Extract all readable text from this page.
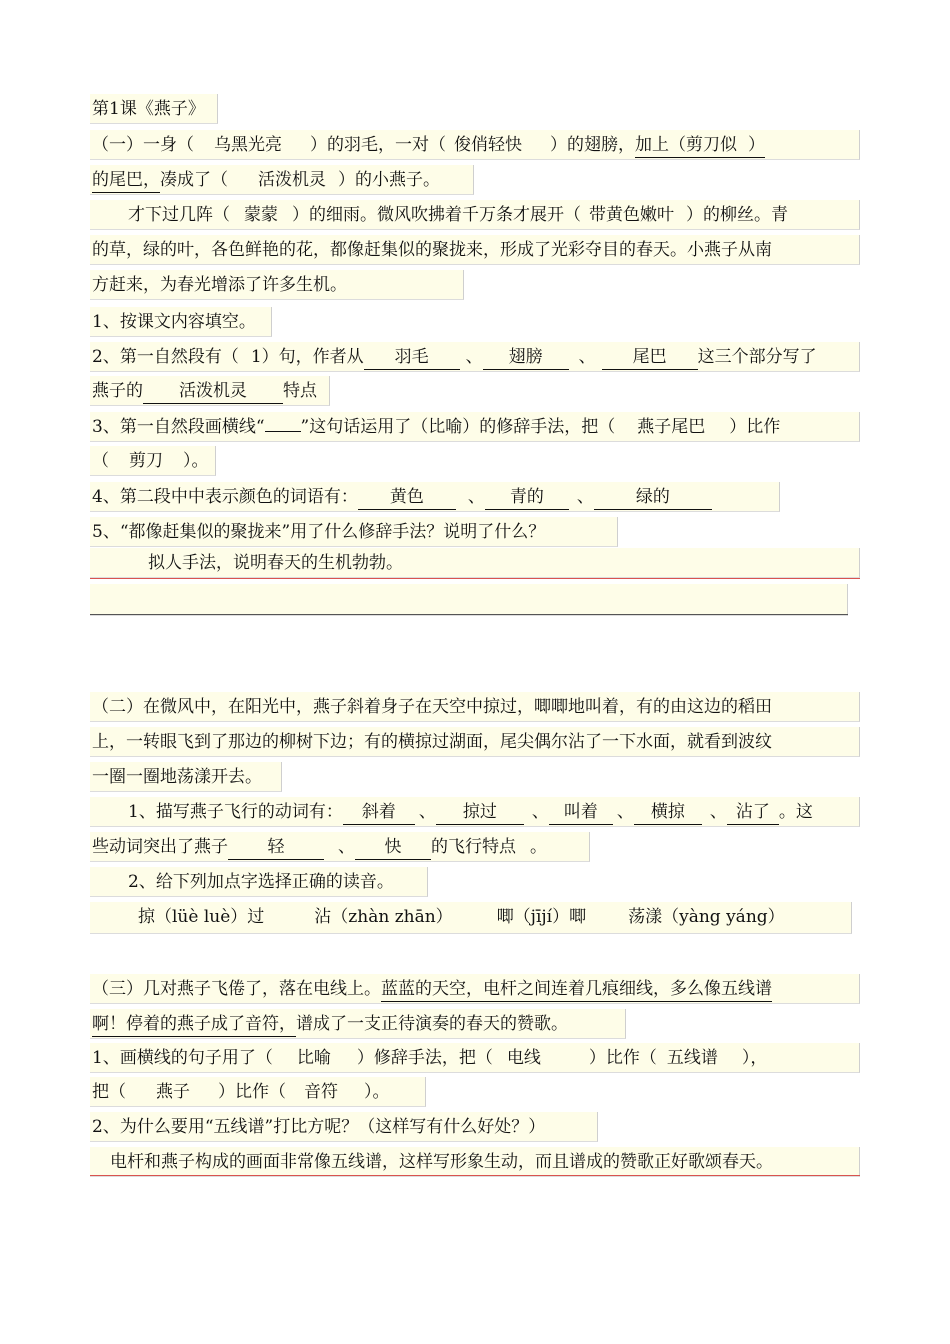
第1课《燕子》
（一）一身（ 乌黑光亮 ）的羽毛，一对（ 俊俏轻快 ）的翅膀，加上（剪刀似 ）
的尾巴，凑成了（ 活泼机灵 ）的小燕子。
才下过几阵（ 蒙蒙 ）的细雨。微风吹拂着千万条才展开（ 带黄色嫩叶 ）的柳丝。青
的草，绿的叶，各色鲜艳的花，都像赶集似的聚拢来，形成了光彩夺目的春天。小燕子从南
方赶来，为春光增添了许多生机。
1、按课文内容填空。
2、第一自然段有（ 1）句，作者从 羽毛 、 翅膀 、 尾巴 这三个部分写了
燕子的 活泼机灵 特点
3、第一自然段画横线“ ”这句话运用了（比喻）的修辞手法，把（ 燕子尾巴 ）比作
（ 剪刀 ）。
4、第二段中中表示颜色的词语有： 黄色	、 青的 、 绿的
5、“都像赶集似的聚拢来”用了什么修辞手法？说明了什么？
拟人手法，说明春天的生机勃勃。
（二）在微风中，在阳光中，燕子斜着身子在天空中掠过，唧唧地叫着，有的由这边的稻田
上，一转眼飞到了那边的柳树下边；有的横掠过湖面，尾尖偶尔沾了一下水面，就看到波纹
一圈一圈地荡漾开去。
1、描写燕子飞行的动词有： 斜着 、 掠过 、 叫着 、 横掠 、 沾了 。这
些动词突出了燕子 轻	、 快 的飞行特点 。
2、给下列加点字选择正确的读音。
掠（lüè luè）过	沾（zhàn zhān）	唧（jījí）唧 荡漾（yàng yáng）
（三）几对燕子飞倦了，落在电线上。蓝蓝的天空，电杆之间连着几痕细线，多么像五线谱
啊！停着的燕子成了音符，谱成了一支正待演奏的春天的赞歌。
1、画横线的句子用了（ 比喻 ）修辞手法，把（ 电线	）比作（ 五线谱 ），
把（ 燕子 ）比作（ 音符 ）。
2、为什么要用“五线谱”打比方呢？（这样写有什么好处？）
电杆和燕子构成的画面非常像五线谱，这样写形象生动，而且谱成的赞歌正好歌颂春天。
